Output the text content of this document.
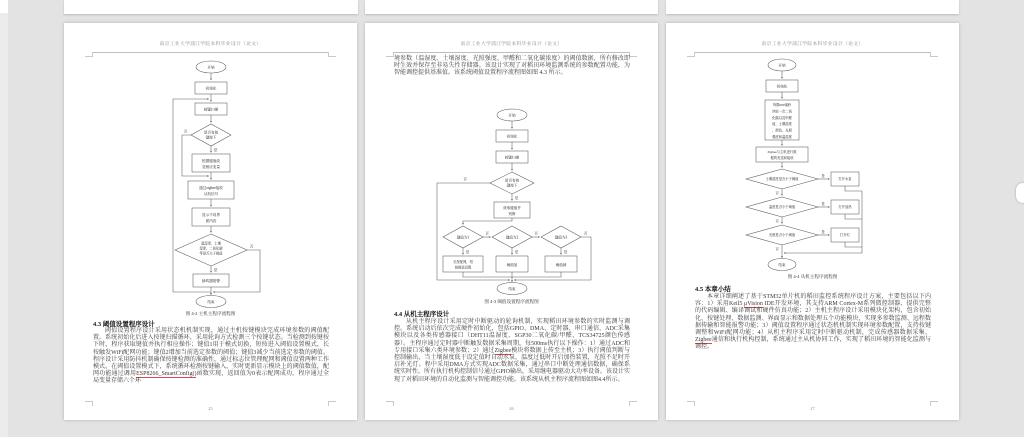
南京工业大学浦江学院本科毕业设计（论文）
开始
初始化
按键扫描
是否有按
键按下
否
是
根据键值改
变相应变量
通过zigbee接收
从机信号
显示不同界
面内容
温湿度、土壤
湿度、二氧化碳
等是否大于阈值
否
是
蜂鸣器报警
结束
图 4-2 主机主程序流程图
4.3 阈值设置程序设计
阈值设置程序设计采用状态机机制实现，通过主机按键模块完成环境参数的阈值配置。系统初始化后进入按键扫描循环，采用轮询方式检测三个按键状态。当检测到按键按下时，程序获取键值并执行相应操作；键值1用于模式切换，短按进入阈值设置模式，长按触发WiFi配网功能；键值2增加当前选定参数的阈值；键值3减少当前选定参数的阈值。程序设计采用防抖机制确保按键检测的准确性，通过标志位管理配网和阈值设置两种工作模式。在阈值设置模式下，系统循环检测按键输入，实时更新显示模块上的阈值数值，配网功能通过调用ESP8266_SmartConfig()函数实现，返回值为0表示配网成功，程序通过全局变量存储六个环
25
南京工业大学浦江学院本科毕业设计（论文）
境参数（温湿度、土壤湿度、光照强度、甲醛和二氧化碳浓度）的阈值数据，所有修改即时生效并保存至非易失性存储器。该设计实现了对稻田环境监测系统的参数配置功能，为智能调控提供基准值。该系统阈值设置程序流程图如图 4.3 所示。
开始
初始化
按键扫描
是否有按
键按下
否
是
获取键值并
判断
键值为1	键值为2	键值为3
否	否	否
是	是	是
长按配网，短
按阈值设置
阈值加	阈值减
结束
图 4-3 阈值设置程序流程图
4.4 从机主程序设计
从机主程序设计采用定时中断驱动的轮询机制，实现稻田环境参数的实时监测与调控。系统启动后依次完成硬件初始化，包括GPIO、DMA、定时器、串口通信、ADC采集模块以及各类传感器接口（DHT11温湿度、SGP30二氧化碳/甲醛、TCS34725颜色传感器）。主程序通过定时器中断触发数据采集周期，每500ms执行以下操作：1）通过ADC和专用接口采集六类环境参数；2）通过Zigbee模块将数据上传至主机；3）执行阈值判断与控制输出，当土壤湿度低于设定值时自动水泵，温度过低时开启加热装置，光照不足时开启补光灯。程中采用DMA方式实现ADC数据采集，通过串口中断处理通信数据，确保系统实时性。所有执行机构控制信号通过GPIO输出，采用继电器驱动大功率设备。该设计实现了对稻田环境的自动化监测与智能调控功能。该系统从机主程序流程图如图4.4所示。
26
南京工业大学浦江学院本科毕业设计（论文）
开始
初始化
每隔500毫秒
读取一次二氧
化碳以及甲醛
值、土壤湿度
、颜色、光照
强度和温湿度
Zigbee与主机进行数
据的发送和接收
土壤湿度是否小于阈值
是
否
打开水泵
温度是否小于阈值
是
否
打开加热
光照是否小于阈值
是
否
打开灯
结束
图 4-4 从机主程序流程图
4.5 本章小结
本章详细阐述了基于STM32单片机的稻田监控系统程序设计方案，主要包括以下内容：1）采用Keil5 μVision IDE开发环境，其支持ARM Cortex-M系列微控制器，提供完整的代码编辑、编译调试和硬件仿真功能；2）主机主程序设计采用模块化架构，包含初始化、按键处理、数据监测、界面显示和数据处理五个功能模块，实现多参数监测、远程数据传输和智能报警功能；3）阈值设置程序通过状态机机制实现环境参数配置，支持按键调整和WiFi配网功能；4）从机主程序采用定时中断驱动机制，完成传感器数据采集、Zigbee通信和执行机构控制，系统通过主从机协同工作，实现了稻田环境的智能化监测与调控。
27
